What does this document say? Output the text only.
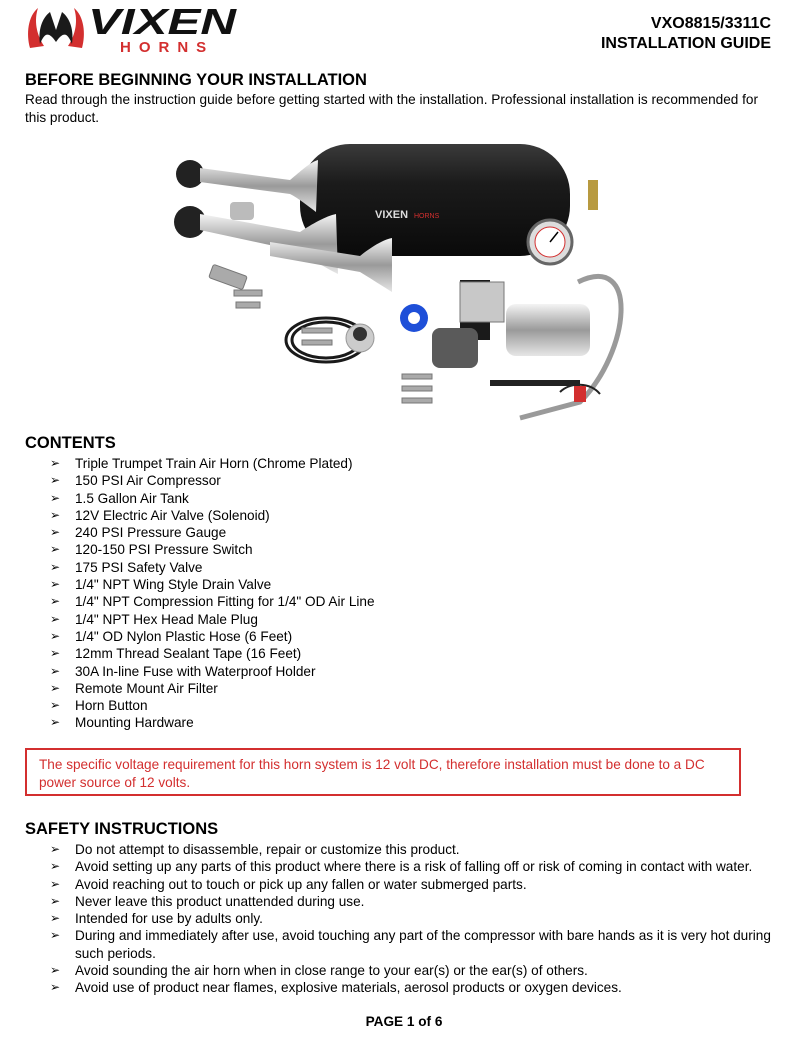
VIXEN
HORNS
VXO8815/3311C
INSTALLATION GUIDE
BEFORE BEGINNING YOUR INSTALLATION
Read through the instruction guide before getting started with the installation. Professional installation is recommended for this product.
VIXEN HORNS
CONTENTS
➢ Triple Trumpet Train Air Horn (Chrome Plated)
➢ 150 PSI Air Compressor
➢ 1.5 Gallon Air Tank
➢ 12V Electric Air Valve (Solenoid)
➢ 240 PSI Pressure Gauge
➢ 120-150 PSI Pressure Switch
➢ 175 PSI Safety Valve
➢ 1/4" NPT Wing Style Drain Valve
➢ 1/4" NPT Compression Fitting for 1/4" OD Air Line
➢ 1/4" NPT Hex Head Male Plug
➢ 1/4" OD Nylon Plastic Hose (6 Feet)
➢ 12mm Thread Sealant Tape (16 Feet)
➢ 30A In-line Fuse with Waterproof Holder
➢ Remote Mount Air Filter
➢ Horn Button
➢ Mounting Hardware
The specific voltage requirement for this horn system is 12 volt DC, therefore installation must be done to a DC power source of 12 volts.
SAFETY INSTRUCTIONS
➢ Do not attempt to disassemble, repair or customize this product.
➢ Avoid setting up any parts of this product where there is a risk of falling off or risk of coming in contact with water.
➢ Avoid reaching out to touch or pick up any fallen or water submerged parts.
➢ Never leave this product unattended during use.
➢ Intended for use by adults only.
➢ During and immediately after use, avoid touching any part of the compressor with bare hands as it is very hot during such periods.
➢ Avoid sounding the air horn when in close range to your ear(s) or the ear(s) of others.
➢ Avoid use of product near flames, explosive materials, aerosol products or oxygen devices.
PAGE 1 of 6
